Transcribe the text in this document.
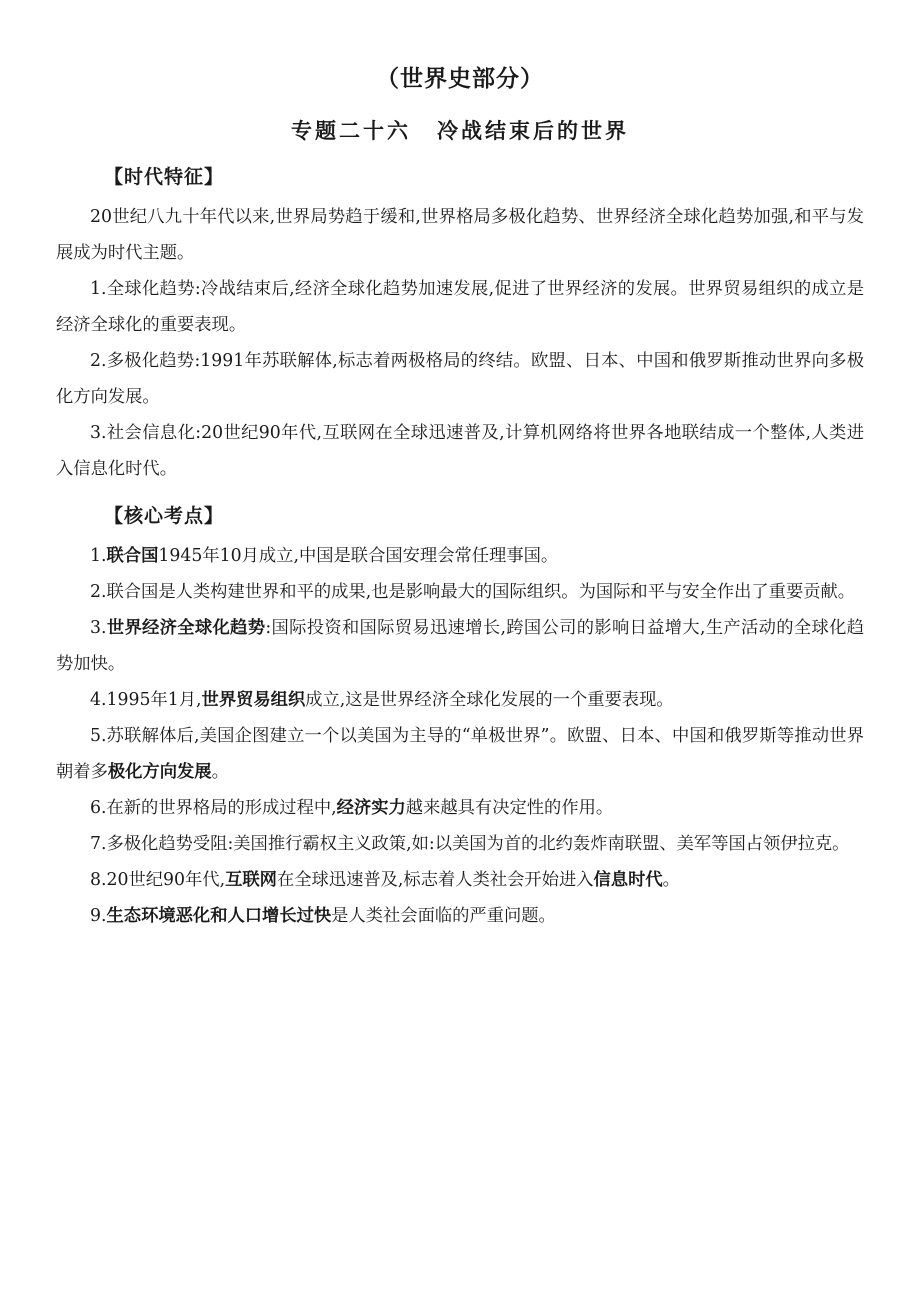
（世界史部分）
专题二十六 冷战结束后的世界
【时代特征】

20世纪八九十年代以来,世界局势趋于缓和,世界格局多极化趋势、世界经济全球化趋势加强,和平与发展成为时代主题。

1.全球化趋势:冷战结束后,经济全球化趋势加速发展,促进了世界经济的发展。世界贸易组织的成立是经济全球化的重要表现。

2.多极化趋势:1991年苏联解体,标志着两极格局的终结。欧盟、日本、中国和俄罗斯推动世界向多极化方向发展。

3.社会信息化:20世纪90年代,互联网在全球迅速普及,计算机网络将世界各地联结成一个整体,人类进入信息化时代。

【核心考点】

1.联合国1945年10月成立,中国是联合国安理会常任理事国。

2.联合国是人类构建世界和平的成果,也是影响最大的国际组织。为国际和平与安全作出了重要贡献。

3.世界经济全球化趋势:国际投资和国际贸易迅速增长,跨国公司的影响日益增大,生产活动的全球化趋势加快。

4.1995年1月,世界贸易组织成立,这是世界经济全球化发展的一个重要表现。

5.苏联解体后,美国企图建立一个以美国为主导的“单极世界”。欧盟、日本、中国和俄罗斯等推动世界朝着多极化方向发展。

6.在新的世界格局的形成过程中,经济实力越来越具有决定性的作用。

7.多极化趋势受阻:美国推行霸权主义政策,如:以美国为首的北约轰炸南联盟、美军等国占领伊拉克。

8.20世纪90年代,互联网在全球迅速普及,标志着人类社会开始进入信息时代。

9.生态环境恶化和人口增长过快是人类社会面临的严重问题。
